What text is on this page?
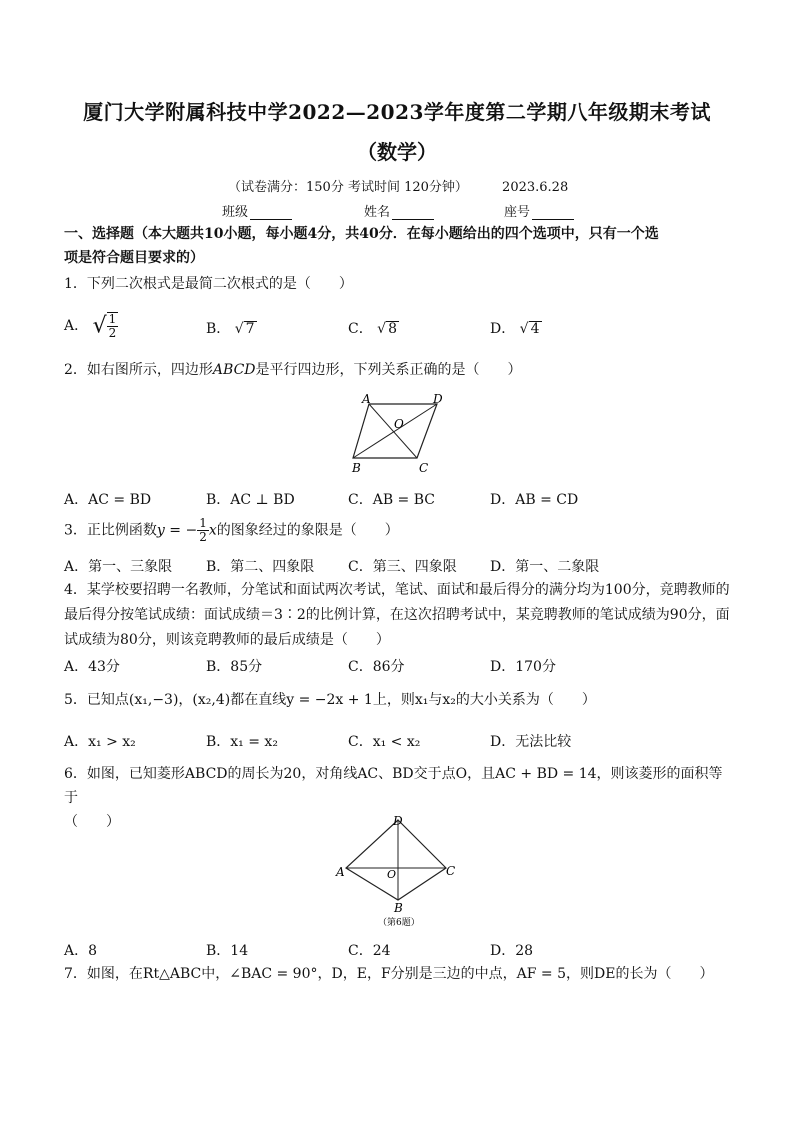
厦门大学附属科技中学2022—2023学年度第二学期八年级期末考试
（数学）
（试卷满分：150分 考试时间 120分钟）	2023.6.28
班级	姓名	座号
一、选择题（本大题共10小题，每小题4分，共40分．在每小题给出的四个选项中，只有一个选
项是符合题目要求的）
1．下列二次根式是最简二次根式的是（　　）
A． √ $\frac{1}{2}$	B． √ 7	C． √ 8	D． √ 4
2．如右图所示，四边形ABCD是平行四边形，下列关系正确的是（　　）
A	D
B	C
O
A．AC = BD	B．AC ⊥ BD	C．AB = BC	D．AB = CD
3．正比例函数y = − $\frac{1}{2}$ x的图象经过的象限是（　　）
A．第一、三象限 B．第二、四象限 C．第三、四象限 D．第一、二象限
4．某学校要招聘一名教师，分笔试和面试两次考试，笔试、面试和最后得分的满分均为100分，竞聘教师的
最后得分按笔试成绩：面试成绩＝3∶2的比例计算，在这次招聘考试中，某竞聘教师的笔试成绩为90分，面
试成绩为80分，则该竞聘教师的最后成绩是（　　）
A．43分	B．85分	C．86分	D．170分
5．已知点(x₁,−3)，(x₂,4)都在直线y = −2x + 1上，则x₁与x₂的大小关系为（　　）
A．x₁ > x₂	B．x₁ = x₂	C．x₁ < x₂	D．无法比较
6．如图，已知菱形ABCD的周长为20，对角线AC、BD交于点O，且AC + BD = 14，则该菱形的面积等于
（　　）	D
A	C
B
O
（第6题）
A．8	B．14	C．24	D．28
7．如图，在Rt△ABC中，∠BAC = 90°，D，E，F分别是三边的中点，AF = 5，则DE的长为（　　）
